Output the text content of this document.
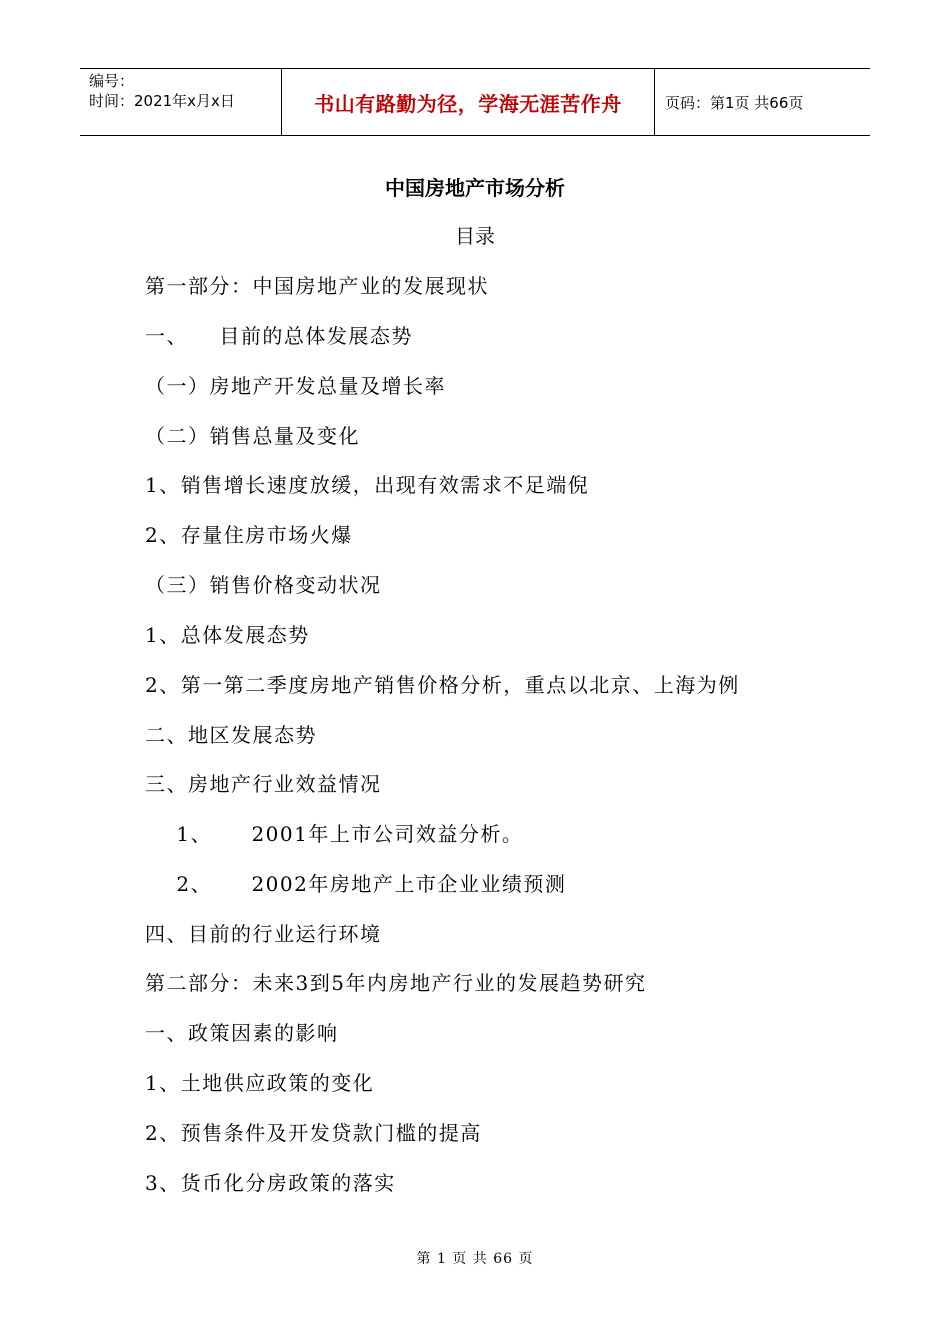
编号：
时间：2021年x月x日	书山有路勤为径，学海无涯苦作舟	页码：第1页 共66页
中国房地产市场分析
目录
第一部分：中国房地产业的发展现状
一、    目前的总体发展态势
（一）房地产开发总量及增长率
（二）销售总量及变化
1、销售增长速度放缓，出现有效需求不足端倪
2、存量住房市场火爆
（三）销售价格变动状况
1、总体发展态势
2、第一第二季度房地产销售价格分析，重点以北京、上海为例
二、地区发展态势
三、房地产行业效益情况
1、     2001年上市公司效益分析。
2、     2002年房地产上市企业业绩预测
四、目前的行业运行环境
第二部分：未来3到5年内房地产行业的发展趋势研究
一、政策因素的影响
1、土地供应政策的变化
2、预售条件及开发贷款门槛的提高
3、货币化分房政策的落实
第 1 页 共 66 页
